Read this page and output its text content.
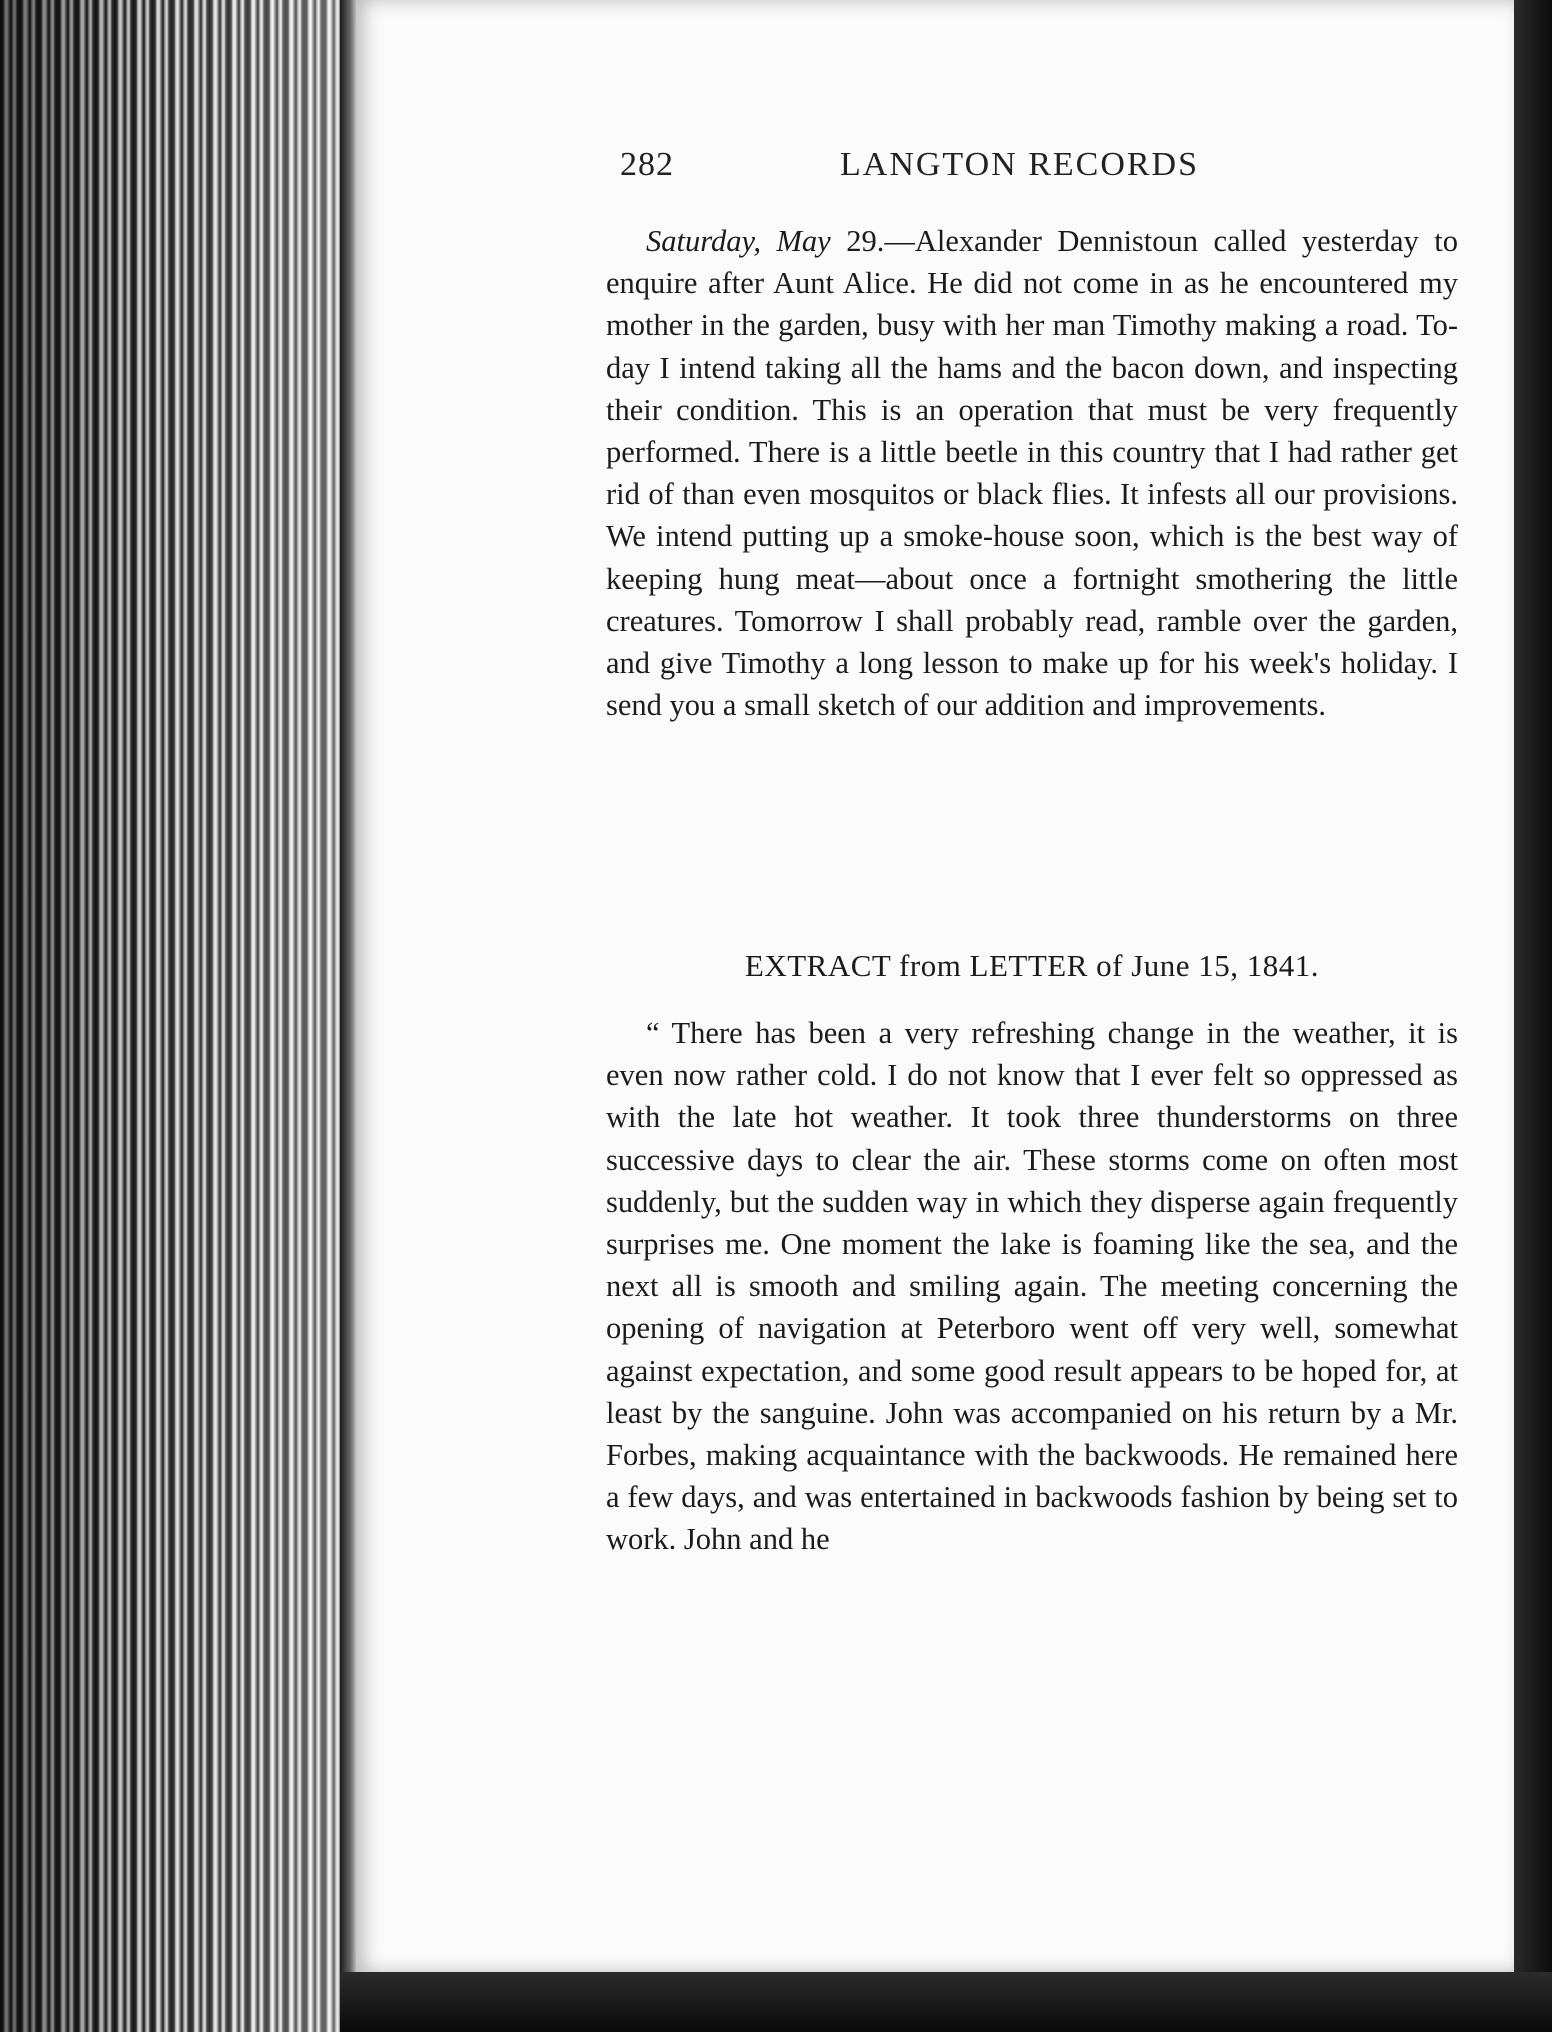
282	LANGTON RECORDS

Saturday, May 29.—Alexander Dennistoun called yesterday to enquire after Aunt Alice. He did not come in as he encountered my mother in the garden, busy with her man Timothy making a road. To-day I intend taking all the hams and the bacon down, and inspecting their condition. This is an operation that must be very frequently performed. There is a little beetle in this country that I had rather get rid of than even mosquitos or black flies. It infests all our provisions. We intend putting up a smoke-house soon, which is the best way of keeping hung meat—about once a fortnight smothering the little creatures. Tomorrow I shall probably read, ramble over the garden, and give Timothy a long lesson to make up for his week's holiday. I send you a small sketch of our addition and improvements.

EXTRACT from LETTER of June 15, 1841.

“ There has been a very refreshing change in the weather, it is even now rather cold. I do not know that I ever felt so oppressed as with the late hot weather. It took three thunderstorms on three successive days to clear the air. These storms come on often most suddenly, but the sudden way in which they disperse again frequently surprises me. One moment the lake is foaming like the sea, and the next all is smooth and smiling again. The meeting concerning the opening of navigation at Peterboro went off very well, somewhat against expectation, and some good result appears to be hoped for, at least by the sanguine. John was accompanied on his return by a Mr. Forbes, making acquaintance with the backwoods. He remained here a few days, and was entertained in backwoods fashion by being set to work. John and he
